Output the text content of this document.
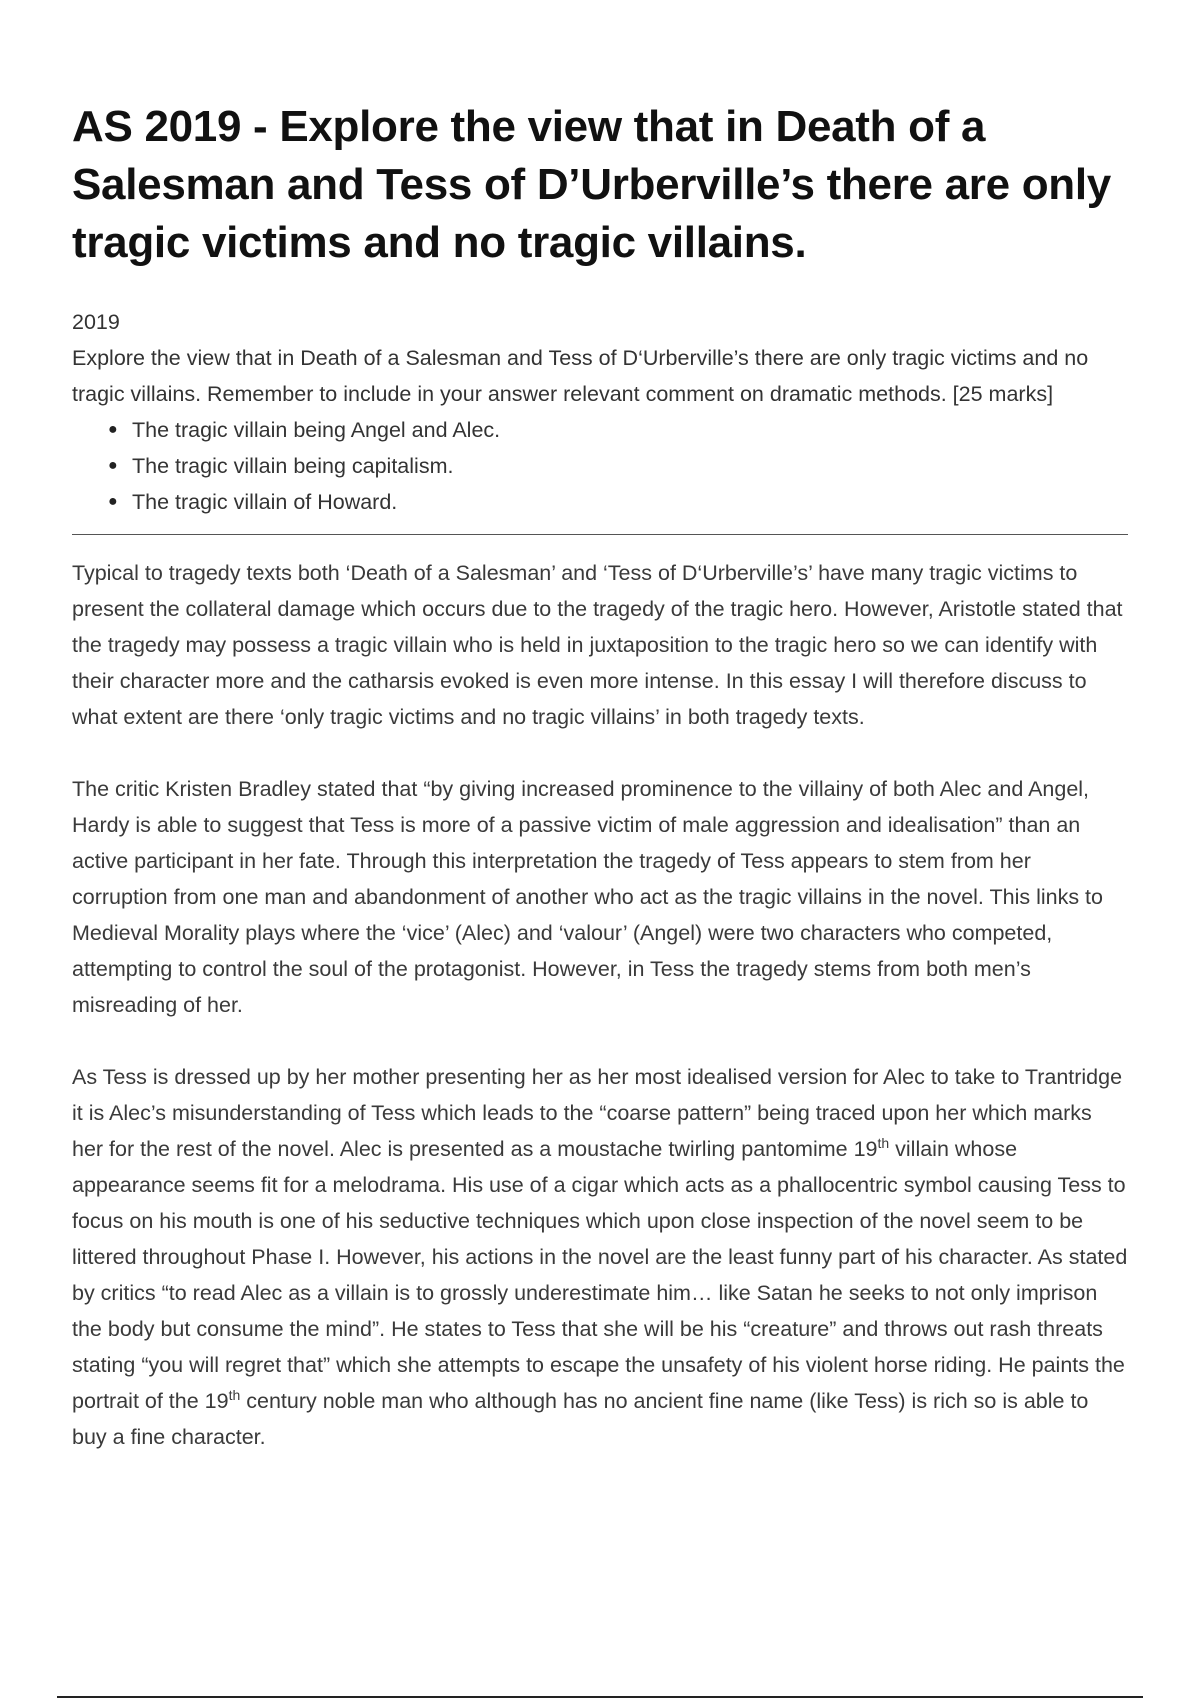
AS 2019 - Explore the view that in Death of a Salesman and Tess of D’Urberville’s there are only tragic victims and no tragic villains.
2019
Explore the view that in Death of a Salesman and Tess of D‘Urberville’s there are only tragic victims and no tragic villains. Remember to include in your answer relevant comment on dramatic methods. [25 marks]
● The tragic villain being Angel and Alec.
● The tragic villain being capitalism.
● The tragic villain of Howard.

Typical to tragedy texts both ‘Death of a Salesman’ and ‘Tess of D‘Urberville’s’ have many tragic victims to present the collateral damage which occurs due to the tragedy of the tragic hero. However, Aristotle stated that the tragedy may possess a tragic villain who is held in juxtaposition to the tragic hero so we can identify with their character more and the catharsis evoked is even more intense. In this essay I will therefore discuss to what extent are there ‘only tragic victims and no tragic villains’ in both tragedy texts.

The critic Kristen Bradley stated that “by giving increased prominence to the villainy of both Alec and Angel, Hardy is able to suggest that Tess is more of a passive victim of male aggression and idealisation” than an active participant in her fate. Through this interpretation the tragedy of Tess appears to stem from her corruption from one man and abandonment of another who act as the tragic villains in the novel. This links to Medieval Morality plays where the ‘vice’ (Alec) and ‘valour’ (Angel) were two characters who competed, attempting to control the soul of the protagonist. However, in Tess the tragedy stems from both men’s misreading of her.

As Tess is dressed up by her mother presenting her as her most idealised version for Alec to take to Trantridge it is Alec’s misunderstanding of Tess which leads to the “coarse pattern” being traced upon her which marks her for the rest of the novel. Alec is presented as a moustache twirling pantomime 19th villain whose appearance seems fit for a melodrama. His use of a cigar which acts as a phallocentric symbol causing Tess to focus on his mouth is one of his seductive techniques which upon close inspection of the novel seem to be littered throughout Phase I. However, his actions in the novel are the least funny part of his character. As stated by critics “to read Alec as a villain is to grossly underestimate him… like Satan he seeks to not only imprison the body but consume the mind”. He states to Tess that she will be his “creature” and throws out rash threats stating “you will regret that” which she attempts to escape the unsafety of his violent horse riding. He paints the portrait of the 19th century noble man who although has no ancient fine name (like Tess) is rich so is able to buy a fine character.
